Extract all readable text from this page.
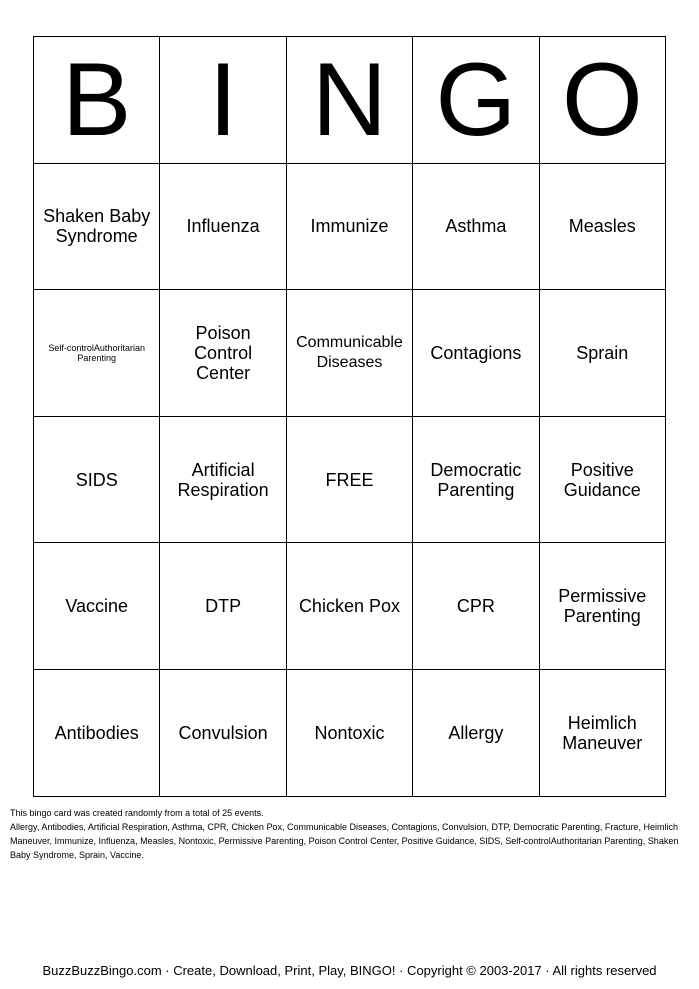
B	I	N	G	O
Shaken Baby Syndrome	Influenza	Immunize	Asthma	Measles
Self-controlAuthoritarian Parenting	Poison Control Center	Communicable Diseases	Contagions	Sprain
SIDS	Artificial Respiration	FREE	Democratic Parenting	Positive Guidance
Vaccine	DTP	Chicken Pox	CPR	Permissive Parenting
Antibodies	Convulsion	Nontoxic	Allergy	Heimlich Maneuver

This bingo card was created randomly from a total of 25 events.

Allergy, Antibodies, Artificial Respiration, Asthma, CPR, Chicken Pox, Communicable Diseases, Contagions, Convulsion, DTP, Democratic Parenting, Fracture, Heimlich Maneuver, Immunize, Influenza, Measles, Nontoxic, Permissive Parenting, Poison Control Center, Positive Guidance, SIDS, Self-controlAuthoritarian Parenting, Shaken Baby Syndrome, Sprain, Vaccine.

BuzzBuzzBingo.com · Create, Download, Print, Play, BINGO! · Copyright © 2003-2017 · All rights reserved
